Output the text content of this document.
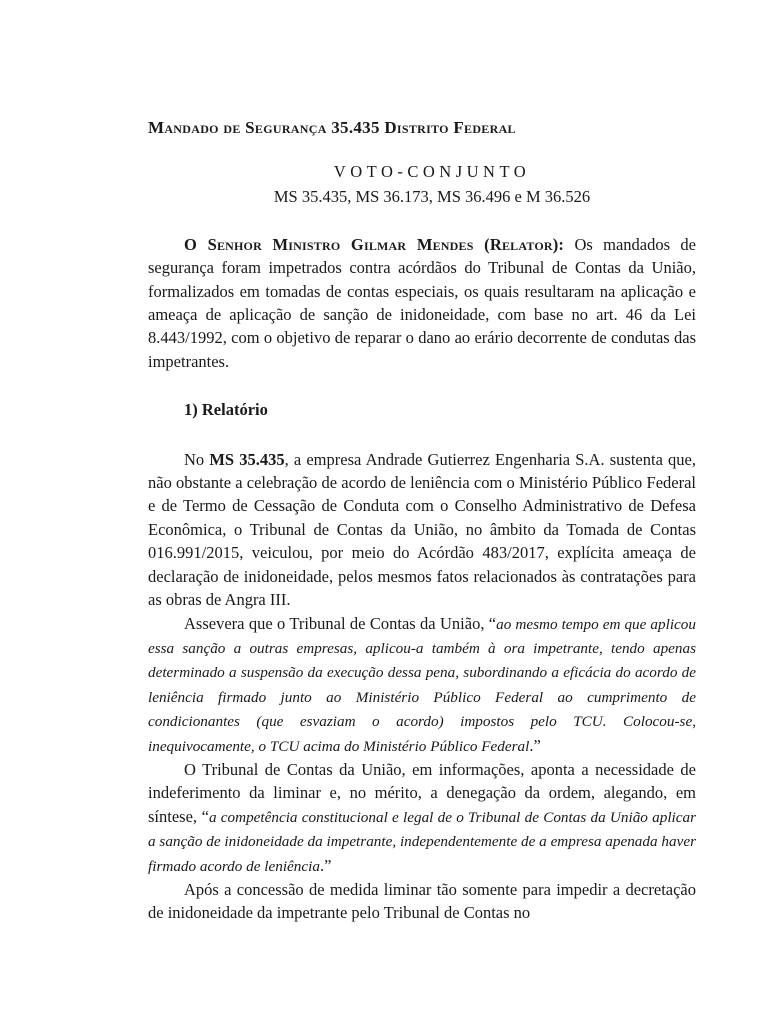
Mandado de Segurança 35.435 Distrito Federal
VOTO-CONJUNTO
MS 35.435, MS 36.173, MS 36.496 e M 36.526

O Senhor Ministro Gilmar Mendes (Relator): Os mandados de segurança foram impetrados contra acórdãos do Tribunal de Contas da União, formalizados em tomadas de contas especiais, os quais resultaram na aplicação e ameaça de aplicação de sanção de inidoneidade, com base no art. 46 da Lei 8.443/1992, com o objetivo de reparar o dano ao erário decorrente de condutas das impetrantes.

1) Relatório

No MS 35.435, a empresa Andrade Gutierrez Engenharia S.A. sustenta que, não obstante a celebração de acordo de leniência com o Ministério Público Federal e de Termo de Cessação de Conduta com o Conselho Administrativo de Defesa Econômica, o Tribunal de Contas da União, no âmbito da Tomada de Contas 016.991/2015, veiculou, por meio do Acórdão 483/2017, explícita ameaça de declaração de inidoneidade, pelos mesmos fatos relacionados às contratações para as obras de Angra III.

Assevera que o Tribunal de Contas da União, “ao mesmo tempo em que aplicou essa sanção a outras empresas, aplicou-a também à ora impetrante, tendo apenas determinado a suspensão da execução dessa pena, subordinando a eficácia do acordo de leniência firmado junto ao Ministério Público Federal ao cumprimento de condicionantes (que esvaziam o acordo) impostos pelo TCU. Colocou-se, inequivocamente, o TCU acima do Ministério Público Federal.”

O Tribunal de Contas da União, em informações, aponta a necessidade de indeferimento da liminar e, no mérito, a denegação da ordem, alegando, em síntese, “a competência constitucional e legal de o Tribunal de Contas da União aplicar a sanção de inidoneidade da impetrante, independentemente de a empresa apenada haver firmado acordo de leniência.”

Após a concessão de medida liminar tão somente para impedir a decretação de inidoneidade da impetrante pelo Tribunal de Contas no
